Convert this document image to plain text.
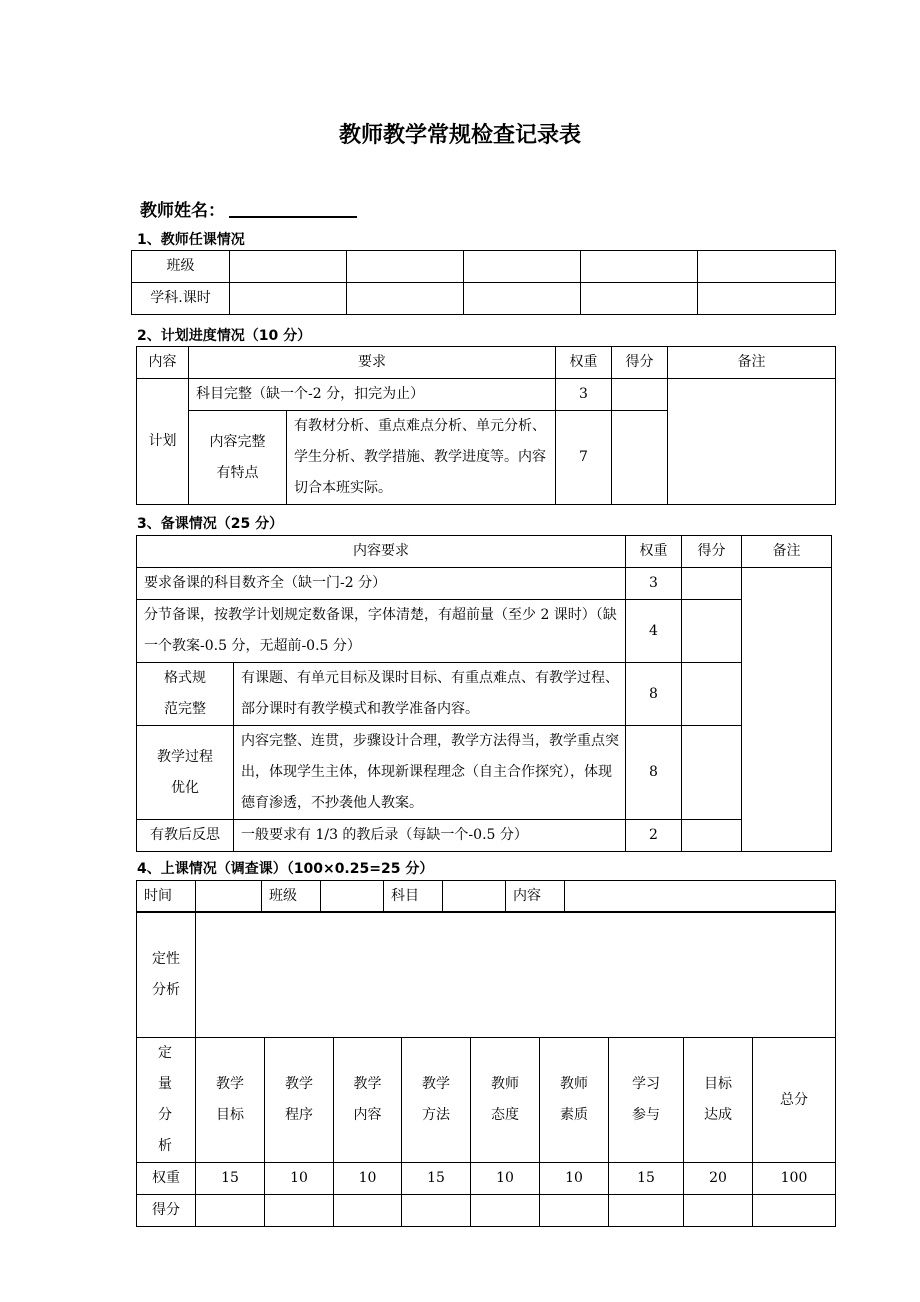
教师教学常规检查记录表
教师姓名：
1、教师任课情况
班级					
学科.课时					
2、计划进度情况（10 分）
内容	要求		权重	得分	备注
计划	科目完整（缺一个-2 分，扣完为止）		3		
	内容完整有特点	有教材分析、重点难点分析、单元分析、学生分析、教学措施、教学进度等。内容切合本班实际。	7		
3、备课情况（25 分）
内容要求		权重	得分	备注
要求备课的科目数齐全（缺一门-2 分）		3		
分节备课，按教学计划规定数备课，字体清楚，有超前量（至少 2 课时）（缺一个教案-0.5 分，无超前-0.5 分）		4		
格式规范完整	有课题、有单元目标及课时目标、有重点难点、有教学过程、部分课时有教学模式和教学准备内容。	8		
教学过程优化	内容完整、连贯，步骤设计合理，教学方法得当，教学重点突出，体现学生主体，体现新课程理念（自主合作探究），体现德育渗透，不抄袭他人教案。	8		
有教后反思	一般要求有 1/3 的教后录（每缺一个-0.5 分）	2		
4、上课情况（调查课）（100×0.25=25 分）
时间		班级		科目		内容	
定性分析									
定量分析	教学目标	教学程序	教学内容	教学方法	教师态度	教师素质	学习参与	目标达成	总分
权重	15	10	10	15	10	10	15	20	100
得分									
